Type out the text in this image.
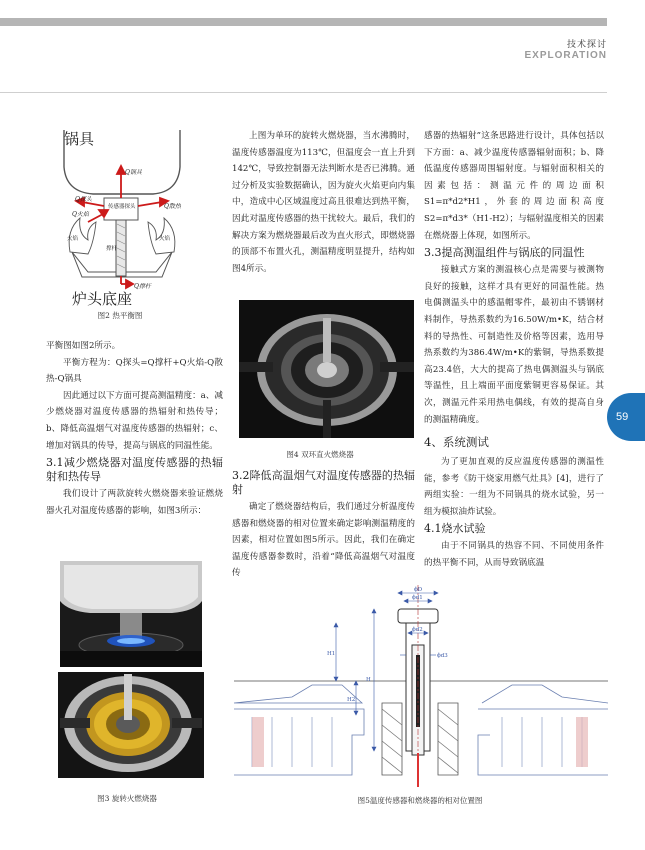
技术探讨
EXPLORATION
锅具
Q锅具
Q探头
传感器探头
Q火焰
Q散热
火焰	火焰
撑杆
Q撑杆
炉头底座
图2 热平衡图

平衡图如图2所示。

平衡方程为：Q探头=Q撑杆+Q火焰-Q散热-Q锅具

因此通过以下方面可提高测温精度：a、减少燃烧器对温度传感器的热辐射和热传导；b、降低高温烟气对温度传感器的热辐射；c、增加对锅具的传导，提高与锅底的同温性能。

3.1减少燃烧器对温度传感器的热辐射和热传导

我们设计了两款旋转火燃烧器来验证燃烧器火孔对温度传感器的影响，如图3所示：

图3 旋转火燃烧器

上图为单环的旋转火燃烧器，当水沸腾时，温度传感器温度为113℃，但温度会一直上升到142℃，导致控制器无法判断水是否已沸腾。通过分析及实验数据确认，因为旋火火焰更向内集中，造成中心区域温度过高且很难达到热平衡，因此对温度传感器的热干扰较大。最后，我们的解决方案为燃烧器最后改为直火形式，即燃烧器的顶部不布置火孔，测温精度明显提升，结构如图4所示。

图4 双环直火燃烧器
3.2降低高温烟气对温度传感器的热辐射

确定了燃烧器结构后，我们通过分析温度传感器和燃烧器的相对位置来确定影响测温精度的因素，相对位置如图5所示。因此，我们在确定温度传感器参数时，沿着“降低高温烟气对温度传

感器的热辐射”这条思路进行设计，具体包括以下方面：a、减少温度传感器辐射面积；b、降低温度传感器周围辐射度。与辐射面积相关的因素包括：测温元件的周边面积S1=π*d2*H1，外套的周边面积高度S2=π*d3*（H1-H2）；与辐射温度相关的因素在燃烧器上体现，如图所示。

3.3提高测温组件与锅底的同温性

接触式方案的测温核心点是需要与被测物良好的接触，这样才具有更好的同温性能。热电偶测温头中的感温帽零件，最初由不锈钢材料制作，导热系数约为16.50W/m•K，结合材料的导热性、可制造性及价格等因素，选用导热系数约为386.4W/m•K的紫铜，导热系数提高23.4倍，大大的提高了热电偶测温头与锅底等温性，且上端面平面度紫铜更容易保证。其次，测温元件采用热电偶线，有效的提高自身的测温精确度。

4、系统测试

为了更加直观的反应温度传感器的测温性能，参考《防干烧家用燃气灶具》[4]，进行了两组实验：一组为不同锅具的烧水试验，另一组为模拟油炸试验。

4.1烧水试验

由于不同锅具的热容不同、不同使用条件的热平衡不同，从而导致锅底温

59
ϕD
ϕd1
ϕd2
ϕd3
H
H1
H2
图5温度传感器和燃烧器的相对位置图
